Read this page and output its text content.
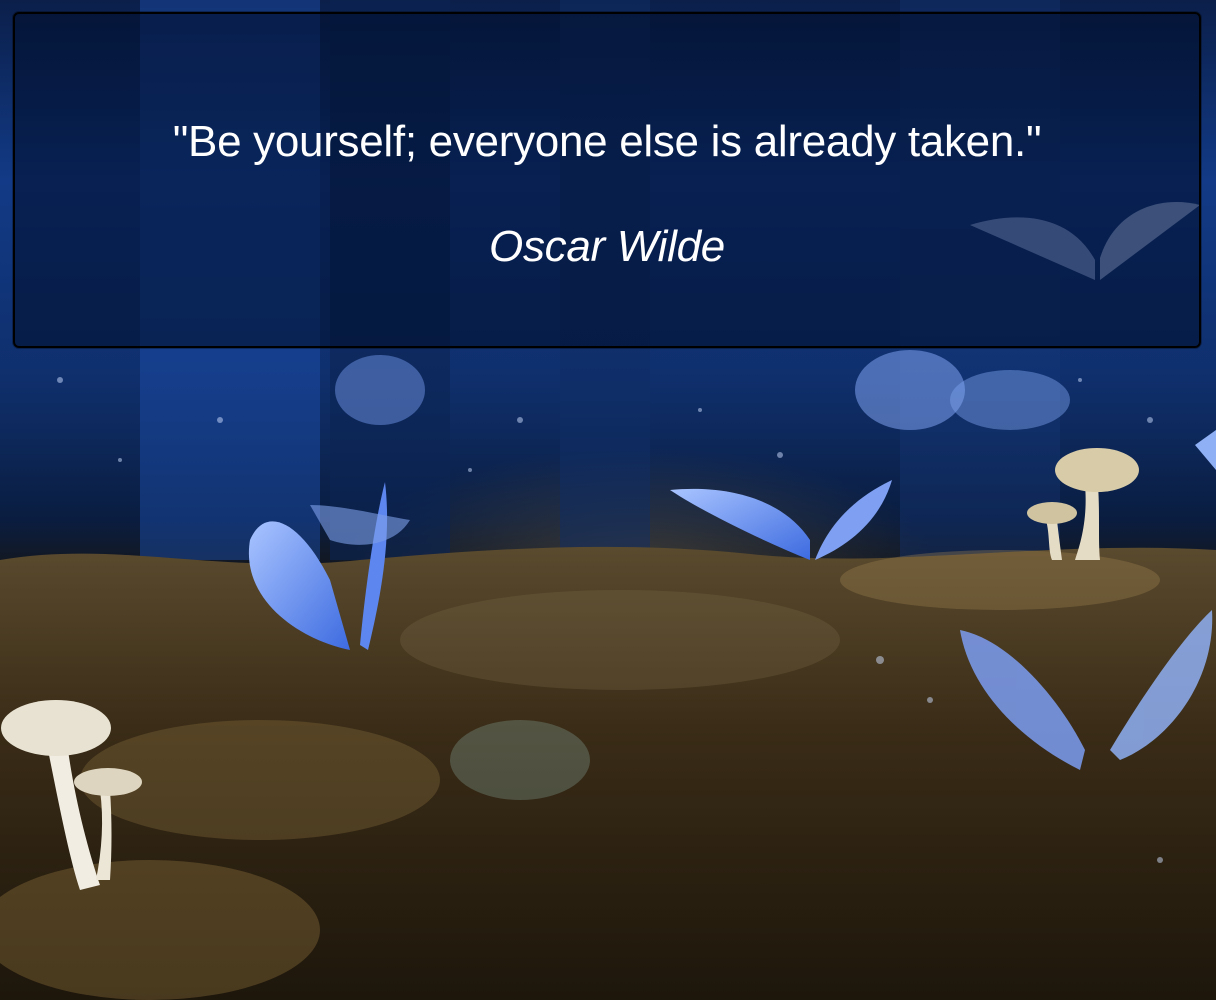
"Be yourself; everyone else is already taken."
Oscar Wilde
